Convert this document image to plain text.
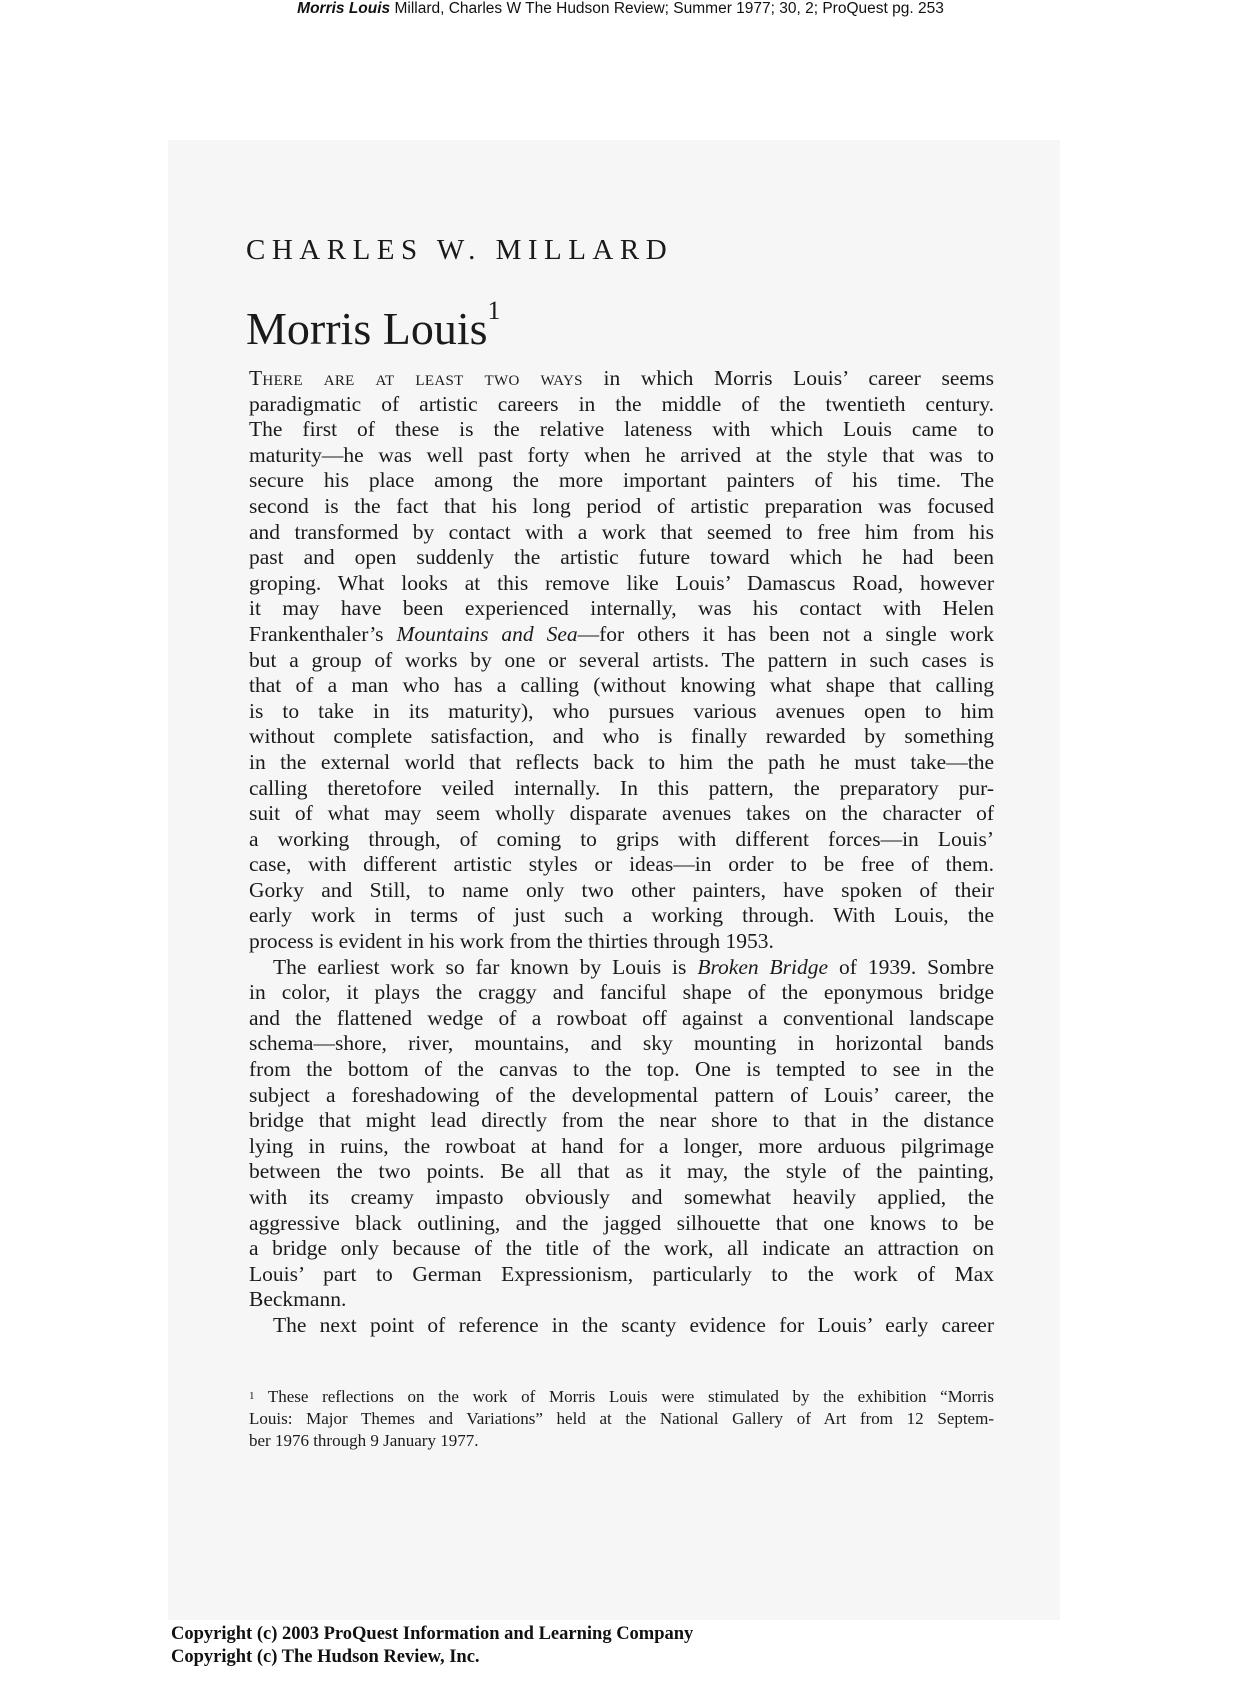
Morris Louis Millard, Charles W The Hudson Review; Summer 1977; 30, 2; ProQuest pg. 253
CHARLES W. MILLARD
Morris Louis$^1$
There are at least two ways in which Morris Louis’ career seems
paradigmatic of artistic careers in the middle of the twentieth century.
The first of these is the relative lateness with which Louis came to
maturity—he was well past forty when he arrived at the style that was to
secure his place among the more important painters of his time. The
second is the fact that his long period of artistic preparation was focused
and transformed by contact with a work that seemed to free him from his
past and open suddenly the artistic future toward which he had been
groping. What looks at this remove like Louis’ Damascus Road, however
it may have been experienced internally, was his contact with Helen
Frankenthaler’s Mountains and Sea—for others it has been not a single work
but a group of works by one or several artists. The pattern in such cases is
that of a man who has a calling (without knowing what shape that calling
is to take in its maturity), who pursues various avenues open to him
without complete satisfaction, and who is finally rewarded by something
in the external world that reflects back to him the path he must take—the
calling theretofore veiled internally. In this pattern, the preparatory pur-
suit of what may seem wholly disparate avenues takes on the character of
a working through, of coming to grips with different forces—in Louis’
case, with different artistic styles or ideas—in order to be free of them.
Gorky and Still, to name only two other painters, have spoken of their
early work in terms of just such a working through. With Louis, the
process is evident in his work from the thirties through 1953.
The earliest work so far known by Louis is Broken Bridge of 1939. Sombre
in color, it plays the craggy and fanciful shape of the eponymous bridge
and the flattened wedge of a rowboat off against a conventional landscape
schema—shore, river, mountains, and sky mounting in horizontal bands
from the bottom of the canvas to the top. One is tempted to see in the
subject a foreshadowing of the developmental pattern of Louis’ career, the
bridge that might lead directly from the near shore to that in the distance
lying in ruins, the rowboat at hand for a longer, more arduous pilgrimage
between the two points. Be all that as it may, the style of the painting,
with its creamy impasto obviously and somewhat heavily applied, the
aggressive black outlining, and the jagged silhouette that one knows to be
a bridge only because of the title of the work, all indicate an attraction on
Louis’ part to German Expressionism, particularly to the work of Max
Beckmann.
The next point of reference in the scanty evidence for Louis’ early career
$^1$ These reflections on the work of Morris Louis were stimulated by the exhibition “Morris
Louis: Major Themes and Variations” held at the National Gallery of Art from 12 Septem-
ber 1976 through 9 January 1977.
Copyright (c) 2003 ProQuest Information and Learning Company
Copyright (c) The Hudson Review, Inc.
